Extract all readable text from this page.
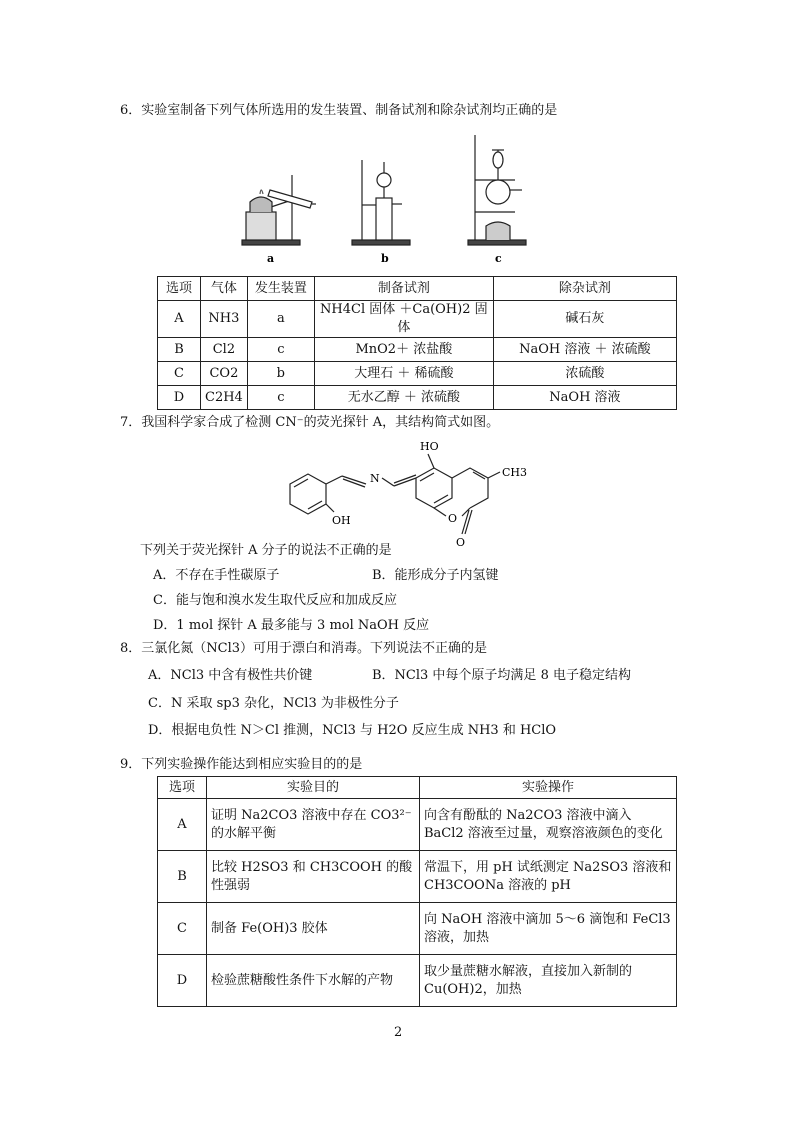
6．实验室制备下列气体所选用的发生装置、制备试剂和除杂试剂均正确的是
a	b	c
选项	气体	发生装置	制备试剂	除杂试剂
A	NH3	a	NH4Cl 固体 ＋Ca(OH)2 固体	碱石灰
B	Cl2	c	MnO2＋ 浓盐酸	NaOH 溶液 ＋ 浓硫酸
C	CO2	b	大理石 ＋ 稀硫酸	浓硫酸
D	C2H4	c	无水乙醇 ＋ 浓硫酸	NaOH 溶液
7．我国科学家合成了检测 CN⁻的荧光探针 A，其结构简式如图。
HO
N	CH3
OH	O
O
下列关于荧光探针 A 分子的说法不正确的是
A．不存在手性碳原子	B．能形成分子内氢键
C．能与饱和溴水发生取代反应和加成反应
D．1 mol 探针 A 最多能与 3 mol NaOH 反应
8．三氯化氮（NCl3）可用于漂白和消毒。下列说法不正确的是
A．NCl3 中含有极性共价键	B．NCl3 中每个原子均满足 8 电子稳定结构
C．N 采取 sp3 杂化，NCl3 为非极性分子
D．根据电负性 N＞Cl 推测，NCl3 与 H2O 反应生成 NH3 和 HClO
9．下列实验操作能达到相应实验目的的是
选项	实验目的	实验操作
A	证明 Na2CO3 溶液中存在 CO3²⁻的水解平衡	向含有酚酞的 Na2CO3 溶液中滴入 BaCl2 溶液至过量，观察溶液颜色的变化
B	比较 H2SO3 和 CH3COOH 的酸性强弱	常温下，用 pH 试纸测定 Na2SO3 溶液和 CH3COONa 溶液的 pH
C	制备 Fe(OH)3 胶体	向 NaOH 溶液中滴加 5～6 滴饱和 FeCl3 溶液，加热
D	检验蔗糖酸性条件下水解的产物	取少量蔗糖水解液，直接加入新制的 Cu(OH)2，加热
2
